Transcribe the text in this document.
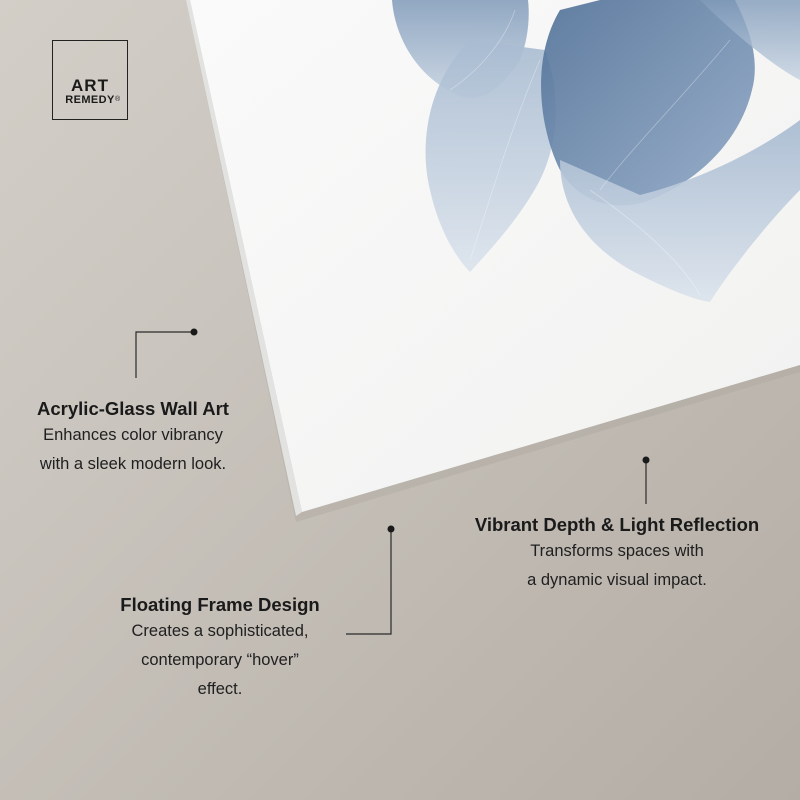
ART
REMEDY ®
Acrylic-Glass Wall Art
Enhances color vibrancy
with a sleek modern look.
Vibrant Depth & Light Reflection
Transforms spaces with
a dynamic visual impact.
Floating Frame Design
Creates a sophisticated,
contemporary “hover”
effect.
